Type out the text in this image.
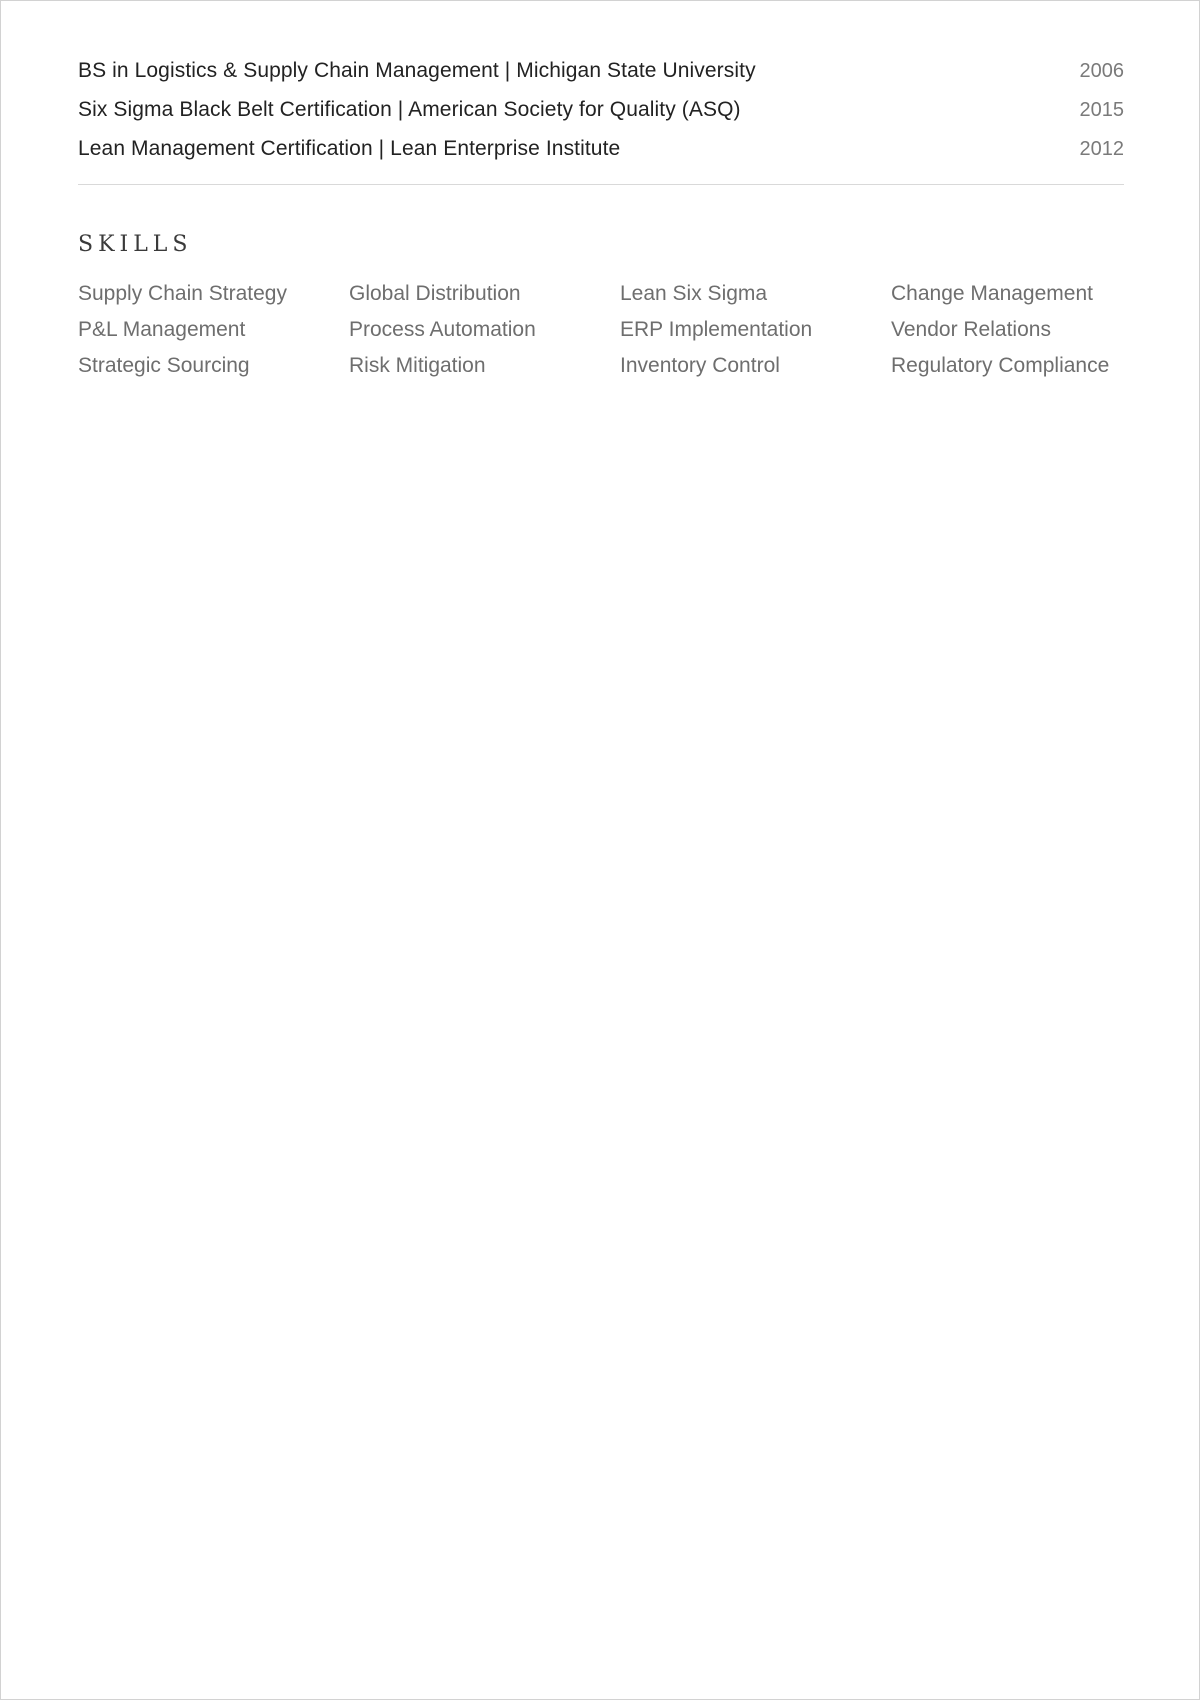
BS in Logistics & Supply Chain Management | Michigan State University	2006
Six Sigma Black Belt Certification | American Society for Quality (ASQ)	2015
Lean Management Certification | Lean Enterprise Institute	2012
SKILLS
Supply Chain Strategy	Global Distribution	Lean Six Sigma	Change Management
P&L Management	Process Automation	ERP Implementation	Vendor Relations
Strategic Sourcing	Risk Mitigation	Inventory Control	Regulatory Compliance
